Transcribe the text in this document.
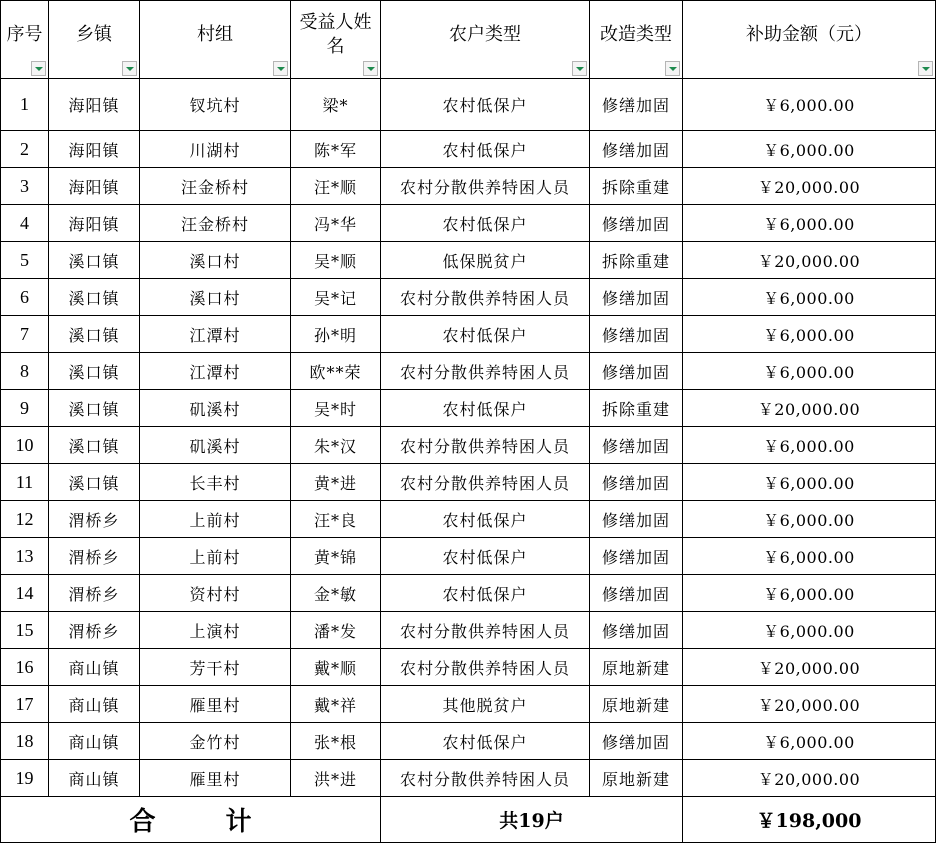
序号	乡镇	村组	受益人姓名	农户类型	改造类型	补助金额（元）

1	海阳镇	钗坑村	梁*	农村低保户	修缮加固	￥6,000.00
2	海阳镇	川湖村	陈*军	农村低保户	修缮加固	￥6,000.00
3	海阳镇	汪金桥村	汪*顺	农村分散供养特困人员	拆除重建	￥20,000.00
4	海阳镇	汪金桥村	冯*华	农村低保户	修缮加固	￥6,000.00
5	溪口镇	溪口村	吴*顺	低保脱贫户	拆除重建	￥20,000.00
6	溪口镇	溪口村	吴*记	农村分散供养特困人员	修缮加固	￥6,000.00
7	溪口镇	江潭村	孙*明	农村低保户	修缮加固	￥6,000.00
8	溪口镇	江潭村	欧**荣	农村分散供养特困人员	修缮加固	￥6,000.00
9	溪口镇	矶溪村	吴*时	农村低保户	拆除重建	￥20,000.00
10	溪口镇	矶溪村	朱*汉	农村分散供养特困人员	修缮加固	￥6,000.00
11	溪口镇	长丰村	黄*进	农村分散供养特困人员	修缮加固	￥6,000.00
12	渭桥乡	上前村	汪*良	农村低保户	修缮加固	￥6,000.00
13	渭桥乡	上前村	黄*锦	农村低保户	修缮加固	￥6,000.00
14	渭桥乡	资村村	金*敏	农村低保户	修缮加固	￥6,000.00
15	渭桥乡	上演村	潘*发	农村分散供养特困人员	修缮加固	￥6,000.00
16	商山镇	芳干村	戴*顺	农村分散供养特困人员	原地新建	￥20,000.00
17	商山镇	雁里村	戴*祥	其他脱贫户	原地新建	￥20,000.00
18	商山镇	金竹村	张*根	农村低保户	修缮加固	￥6,000.00
19	商山镇	雁里村	洪*进	农村分散供养特困人员	原地新建	￥20,000.00
合 计				共19户		￥198,000
